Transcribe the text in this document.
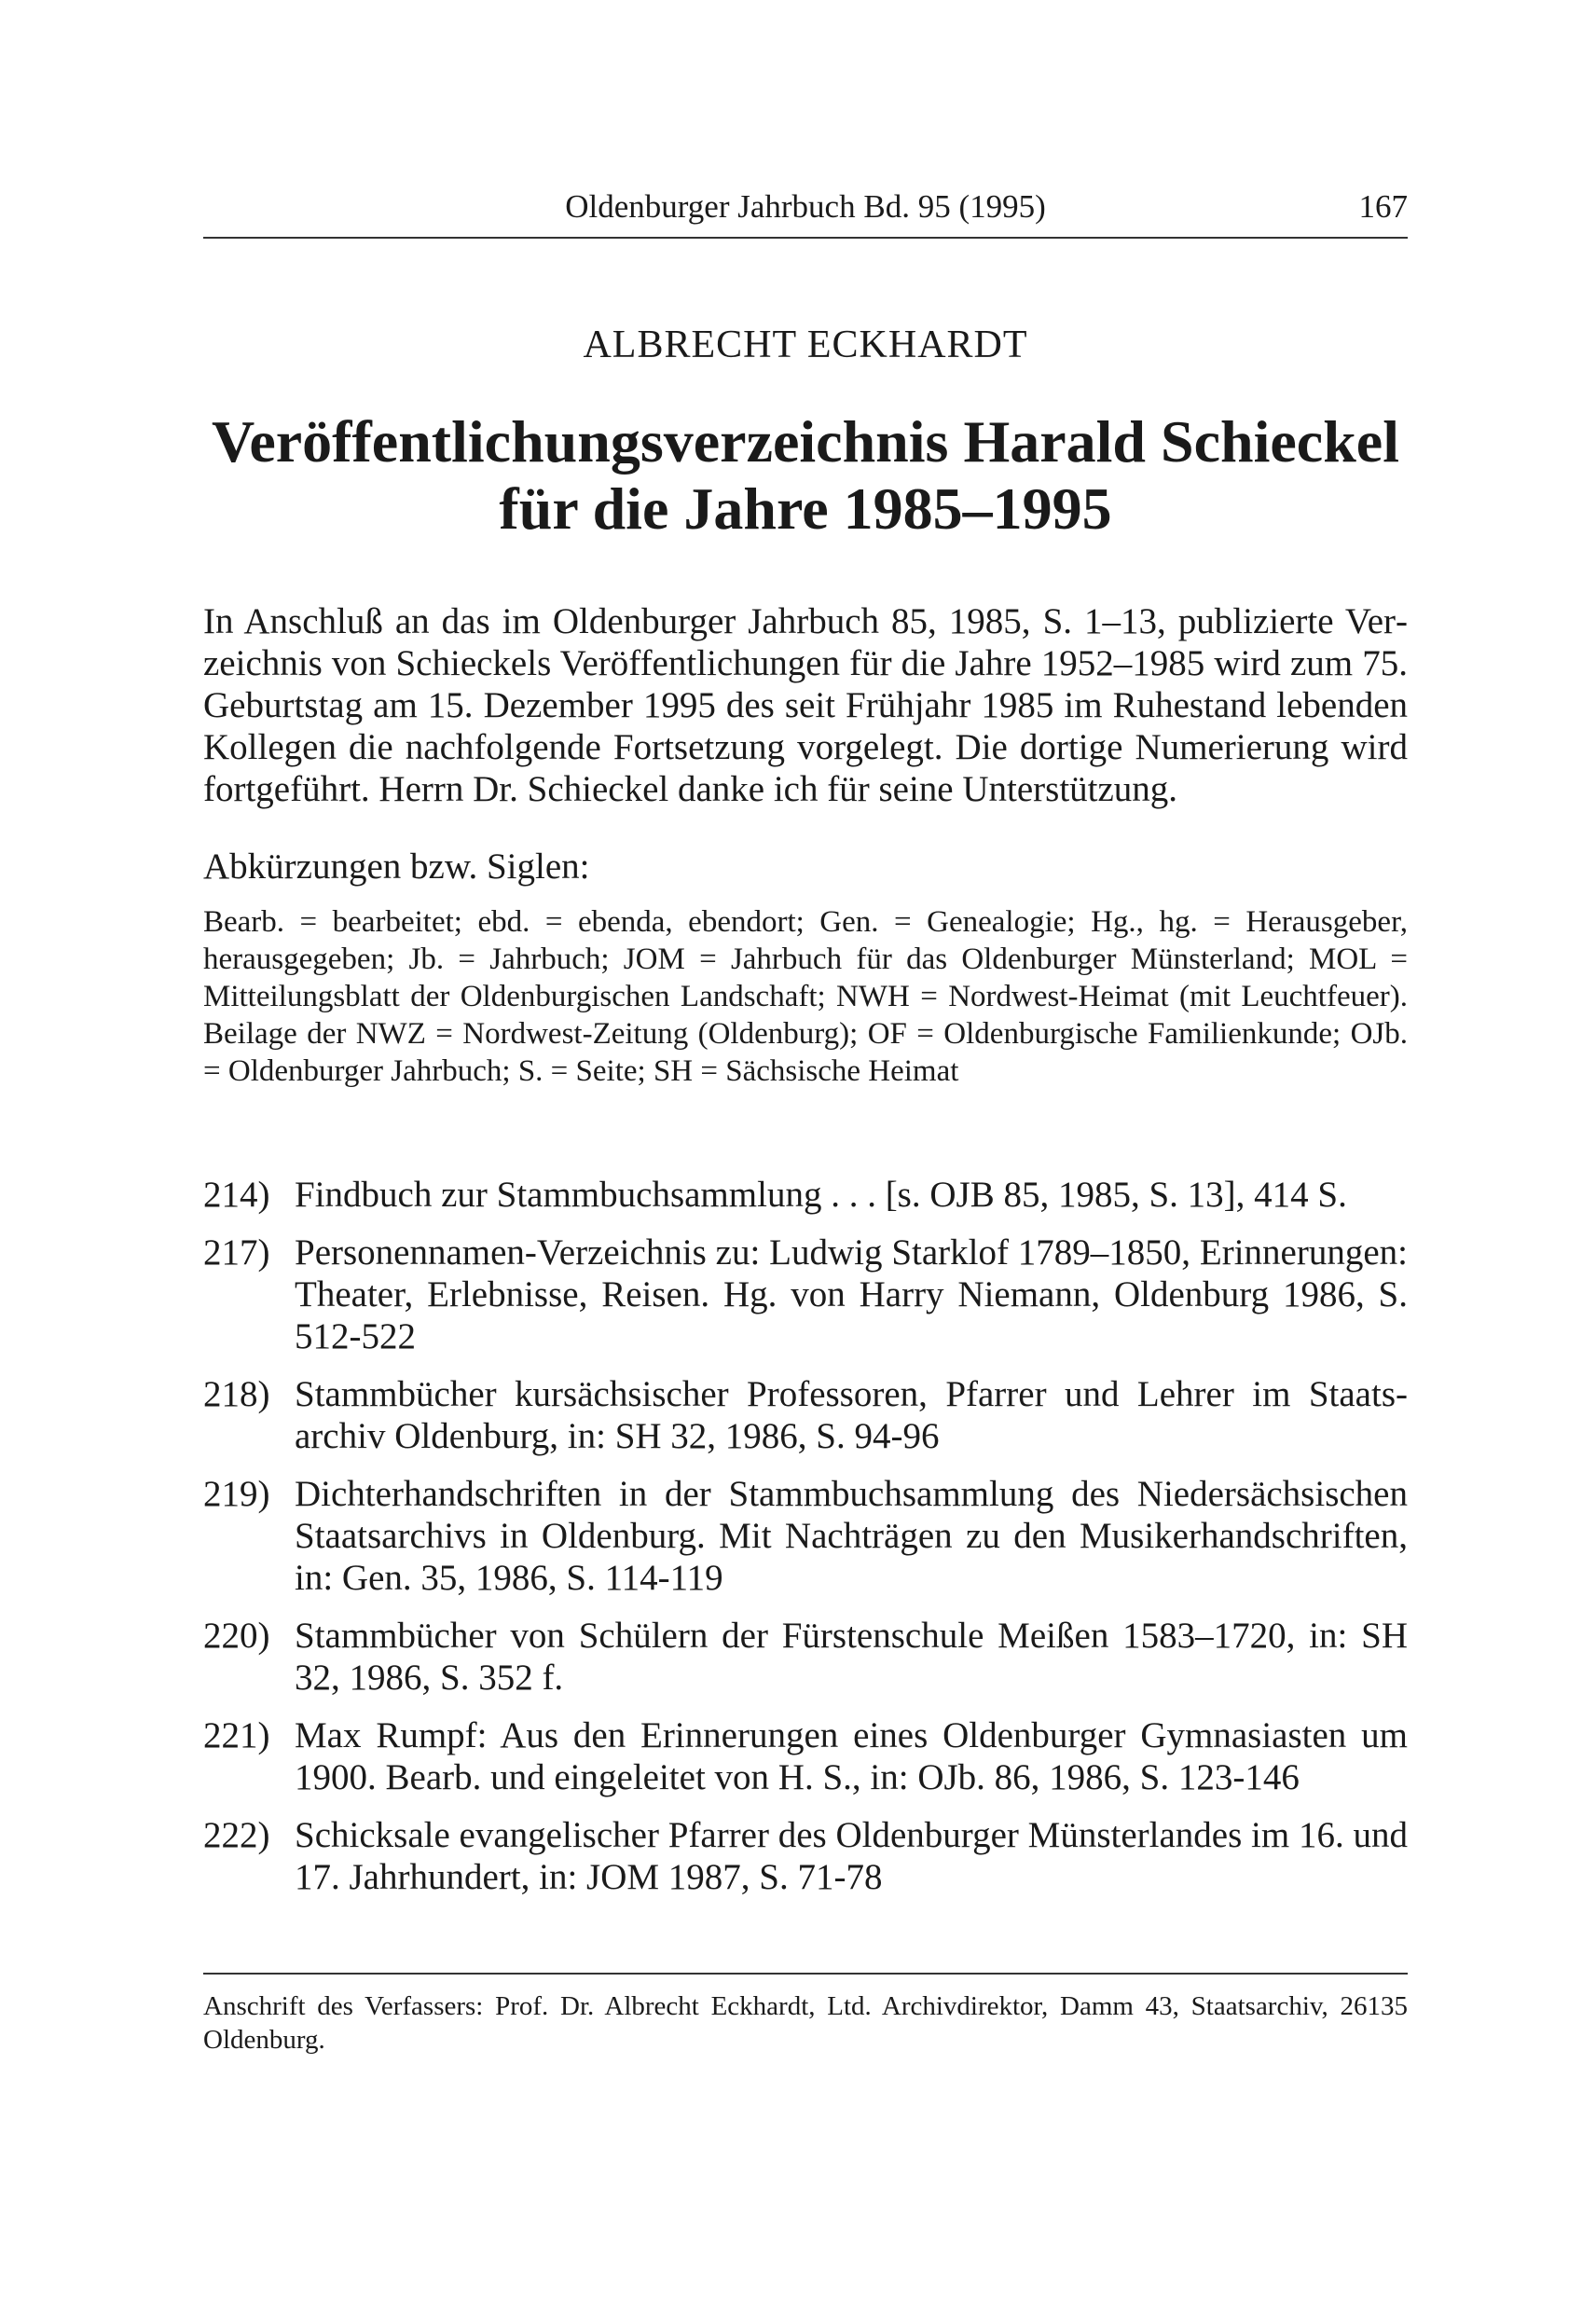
Oldenburger Jahrbuch Bd. 95 (1995)	167
ALBRECHT ECKHARDT
Veröffentlichungsverzeichnis Harald Schieckel
für die Jahre 1985–1995
In Anschluß an das im Oldenburger Jahrbuch 85, 1985, S. 1–13, publizierte Verzeichnis von Schieckels Veröffentlichungen für die Jahre 1952–1985 wird zum 75. Geburtstag am 15. Dezember 1995 des seit Frühjahr 1985 im Ruhestand lebenden Kollegen die nachfolgende Fortsetzung vorgelegt. Die dortige Numerierung wird fortgeführt. Herrn Dr. Schieckel danke ich für seine Unterstützung.
Abkürzungen bzw. Siglen:
Bearb. = bearbeitet; ebd. = ebenda, ebendort; Gen. = Genealogie; Hg., hg. = Herausgeber, herausgegeben; Jb. = Jahrbuch; JOM = Jahrbuch für das Oldenburger Münsterland; MOL = Mitteilungsblatt der Oldenburgischen Landschaft; NWH = Nordwest-Heimat (mit Leuchtfeuer). Beilage der NWZ = Nordwest-Zeitung (Oldenburg); OF = Oldenburgische Familienkunde; OJb. = Oldenburger Jahrbuch; S. = Seite; SH = Sächsische Heimat
214) Findbuch zur Stammbuchsammlung . . . [s. OJB 85, 1985, S. 13], 414 S.
217) Personennamen-Verzeichnis zu: Ludwig Starklof 1789–1850, Erinnerungen: Theater, Erlebnisse, Reisen. Hg. von Harry Niemann, Oldenburg 1986, S. 512-522
218) Stammbücher kursächsischer Professoren, Pfarrer und Lehrer im Staatsarchiv Oldenburg, in: SH 32, 1986, S. 94-96
219) Dichterhandschriften in der Stammbuchsammlung des Niedersächsischen Staatsarchivs in Oldenburg. Mit Nachträgen zu den Musikerhandschriften, in: Gen. 35, 1986, S. 114-119
220) Stammbücher von Schülern der Fürstenschule Meißen 1583–1720, in: SH 32, 1986, S. 352 f.
221) Max Rumpf: Aus den Erinnerungen eines Oldenburger Gymnasiasten um 1900. Bearb. und eingeleitet von H. S., in: OJb. 86, 1986, S. 123-146
222) Schicksale evangelischer Pfarrer des Oldenburger Münsterlandes im 16. und 17. Jahrhundert, in: JOM 1987, S. 71-78
Anschrift des Verfassers: Prof. Dr. Albrecht Eckhardt, Ltd. Archivdirektor, Damm 43, Staatsarchiv, 26135 Oldenburg.
